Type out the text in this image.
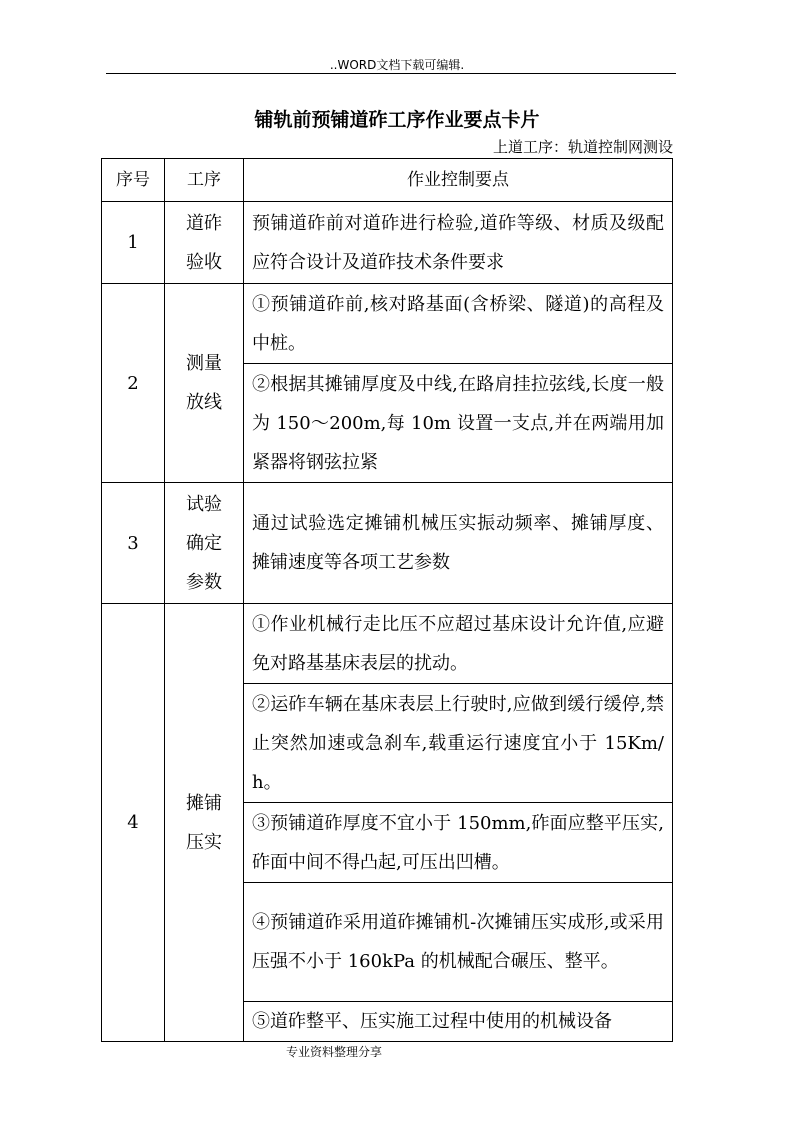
..WORD文档下载可编辑.
铺轨前预铺道砟工序作业要点卡片
上道工序：轨道控制网测设
序号	工序	作业控制要点
1	道砟验收	预铺道砟前对道砟进行检验,道砟等级、材质及级配应符合设计及道砟技术条件要求
2	测量放线	①预铺道砟前,核对路基面(含桥梁、隧道)的高程及中桩。
		②根据其摊铺厚度及中线,在路肩挂拉弦线,长度一般为 150～200m,每 10m 设置一支点,并在两端用加紧器将钢弦拉紧
3	试验确定参数	通过试验选定摊铺机械压实振动频率、摊铺厚度、摊铺速度等各项工艺参数
4	摊铺压实	①作业机械行走比压不应超过基床设计允许值,应避免对路基基床表层的扰动。
		②运砟车辆在基床表层上行驶时,应做到缓行缓停,禁止突然加速或急刹车,载重运行速度宜小于 15Km/ h。
		③预铺道砟厚度不宜小于 150mm,砟面应整平压实,砟面中间不得凸起,可压出凹槽。
		④预铺道砟采用道砟摊铺机-次摊铺压实成形,或采用压强不小于 160kPa 的机械配合碾压、整平。
		⑤道砟整平、压实施工过程中使用的机械设备
专业资料整理分享
